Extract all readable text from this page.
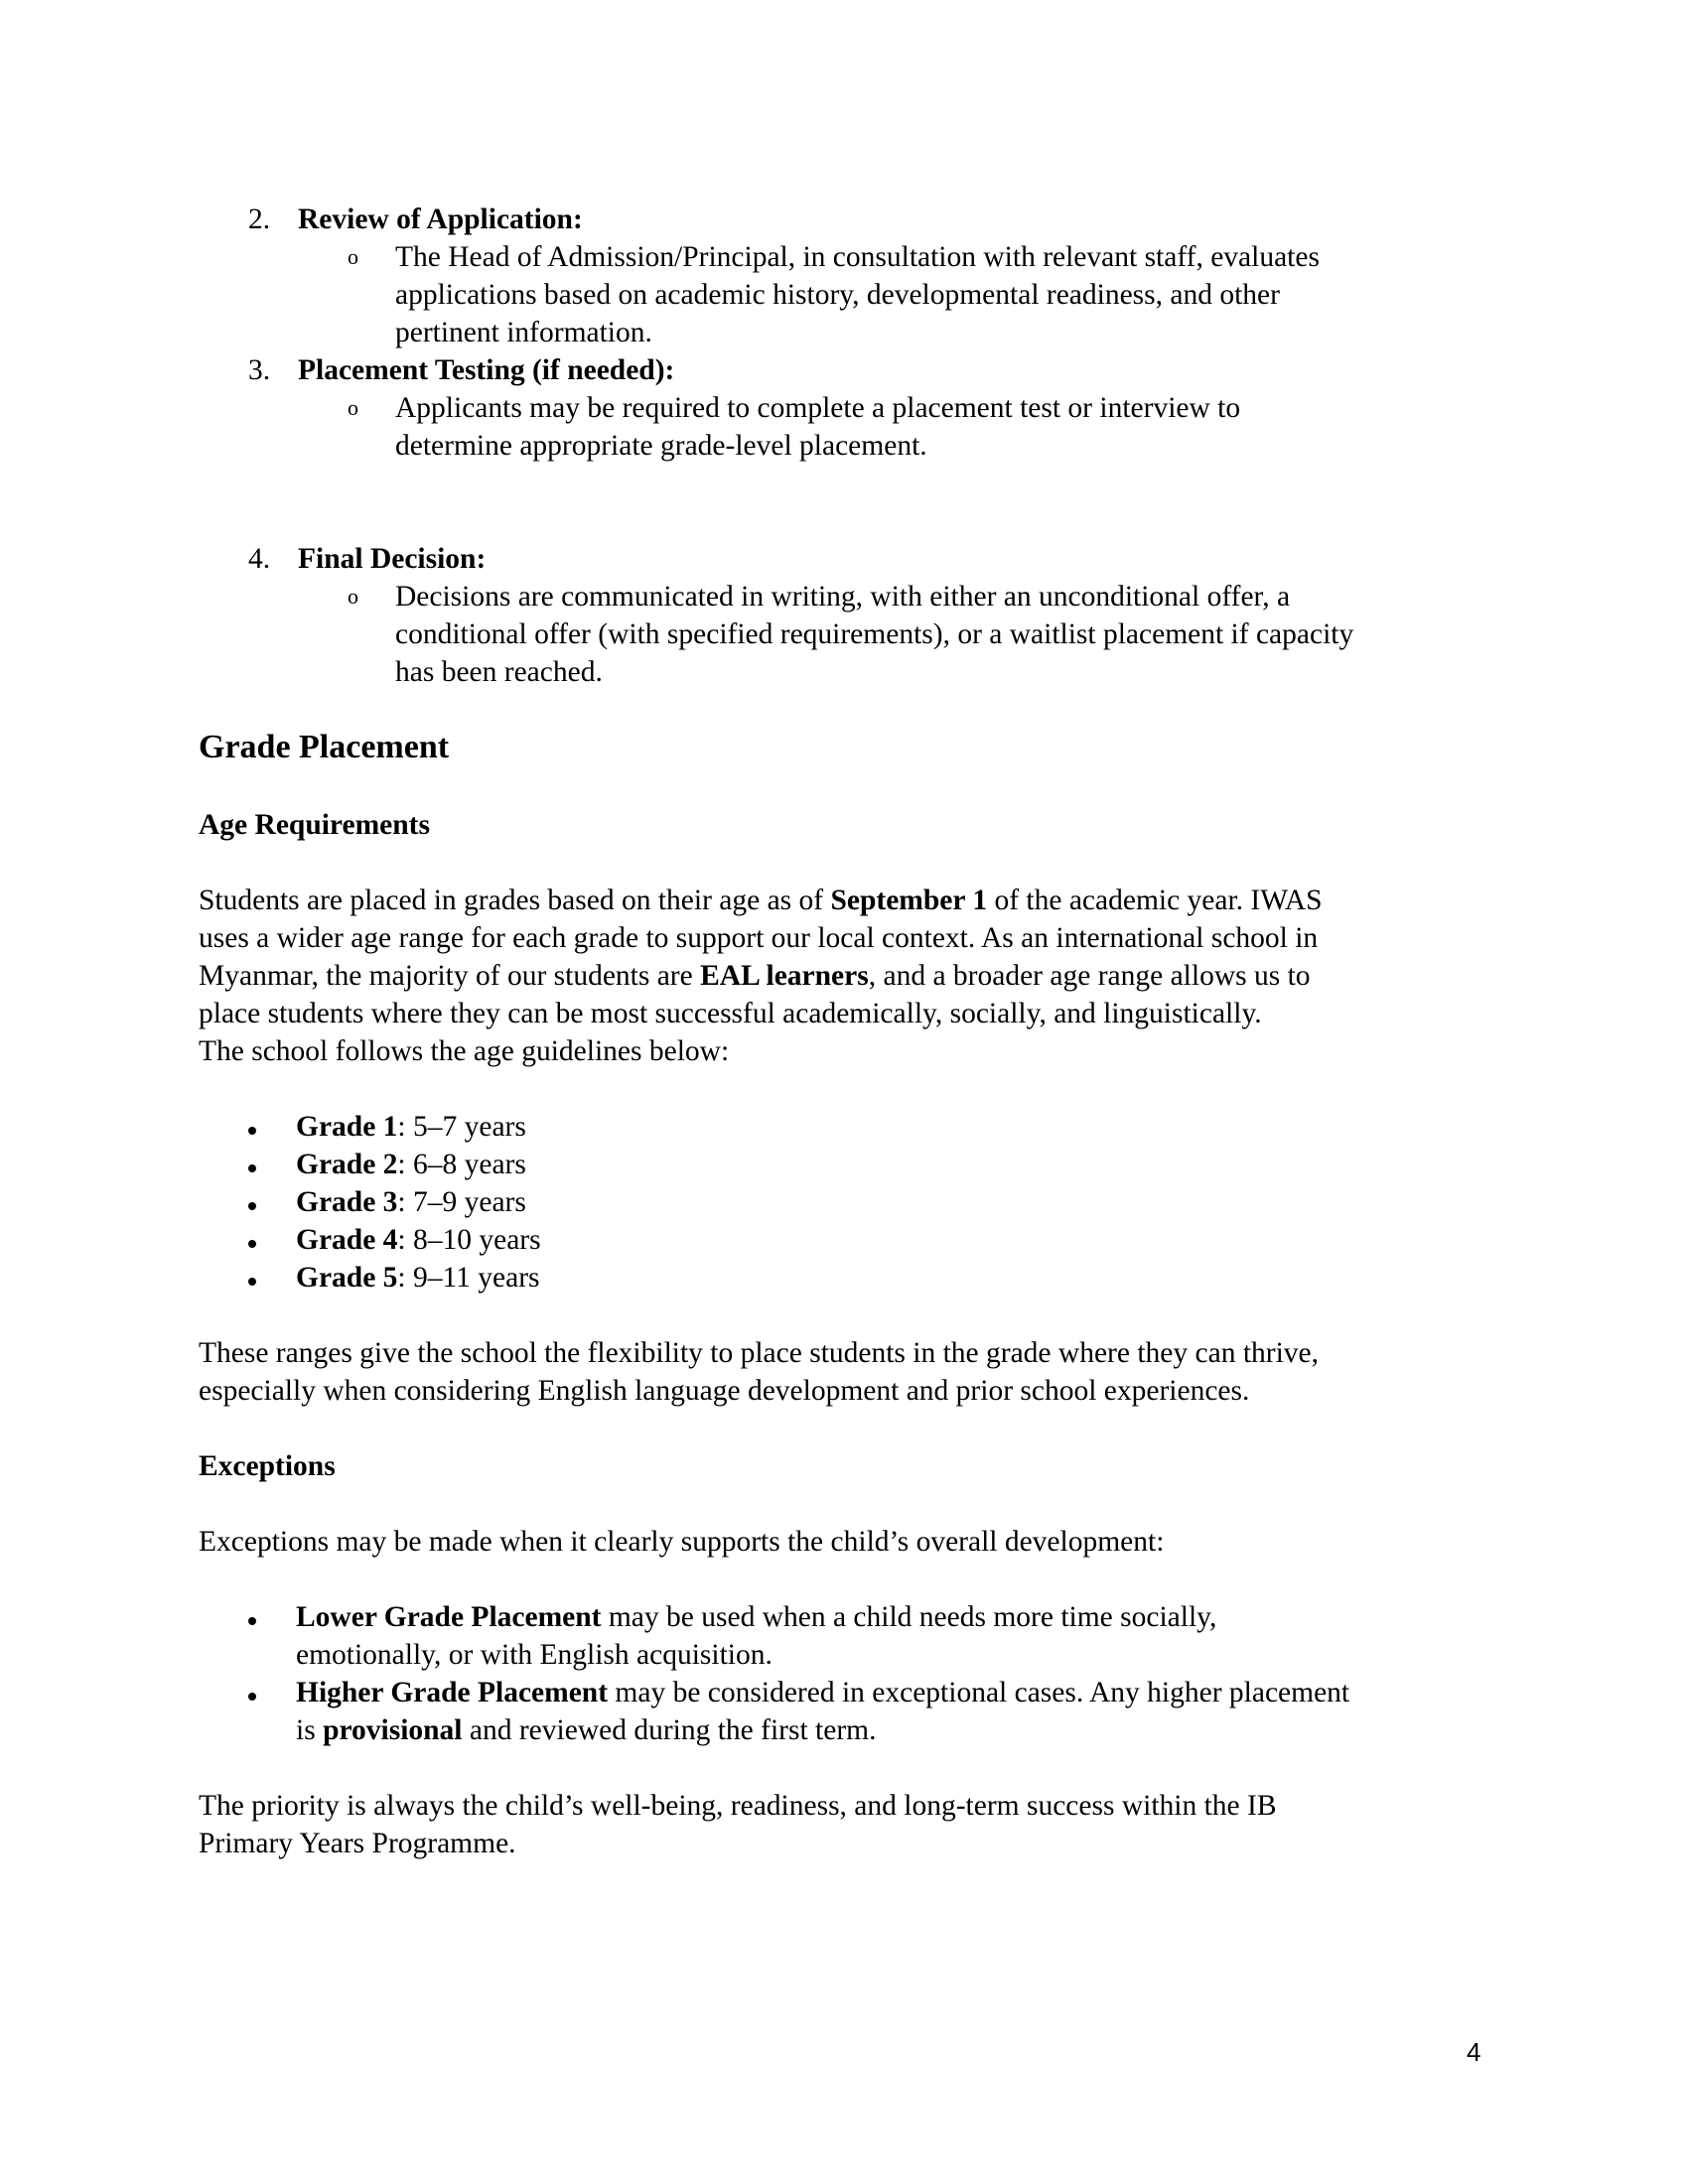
2. Review of Application:
o The Head of Admission/Principal, in consultation with relevant staff, evaluates
applications based on academic history, developmental readiness, and other
pertinent information.
3. Placement Testing (if needed):
o Applicants may be required to complete a placement test or interview to
determine appropriate grade-level placement.
4. Final Decision:
o Decisions are communicated in writing, with either an unconditional offer, a
conditional offer (with specified requirements), or a waitlist placement if capacity
has been reached.
Grade Placement
Age Requirements
Students are placed in grades based on their age as of September 1 of the academic year. IWAS
uses a wider age range for each grade to support our local context. As an international school in
Myanmar, the majority of our students are EAL learners, and a broader age range allows us to
place students where they can be most successful academically, socially, and linguistically.
The school follows the age guidelines below:
Grade 1: 5–7 years
Grade 2: 6–8 years
Grade 3: 7–9 years
Grade 4: 8–10 years
Grade 5: 9–11 years
These ranges give the school the flexibility to place students in the grade where they can thrive,
especially when considering English language development and prior school experiences.
Exceptions
Exceptions may be made when it clearly supports the child’s overall development:
Lower Grade Placement may be used when a child needs more time socially,
emotionally, or with English acquisition.
Higher Grade Placement may be considered in exceptional cases. Any higher placement
is provisional and reviewed during the first term.
The priority is always the child’s well-being, readiness, and long-term success within the IB
Primary Years Programme.
4
